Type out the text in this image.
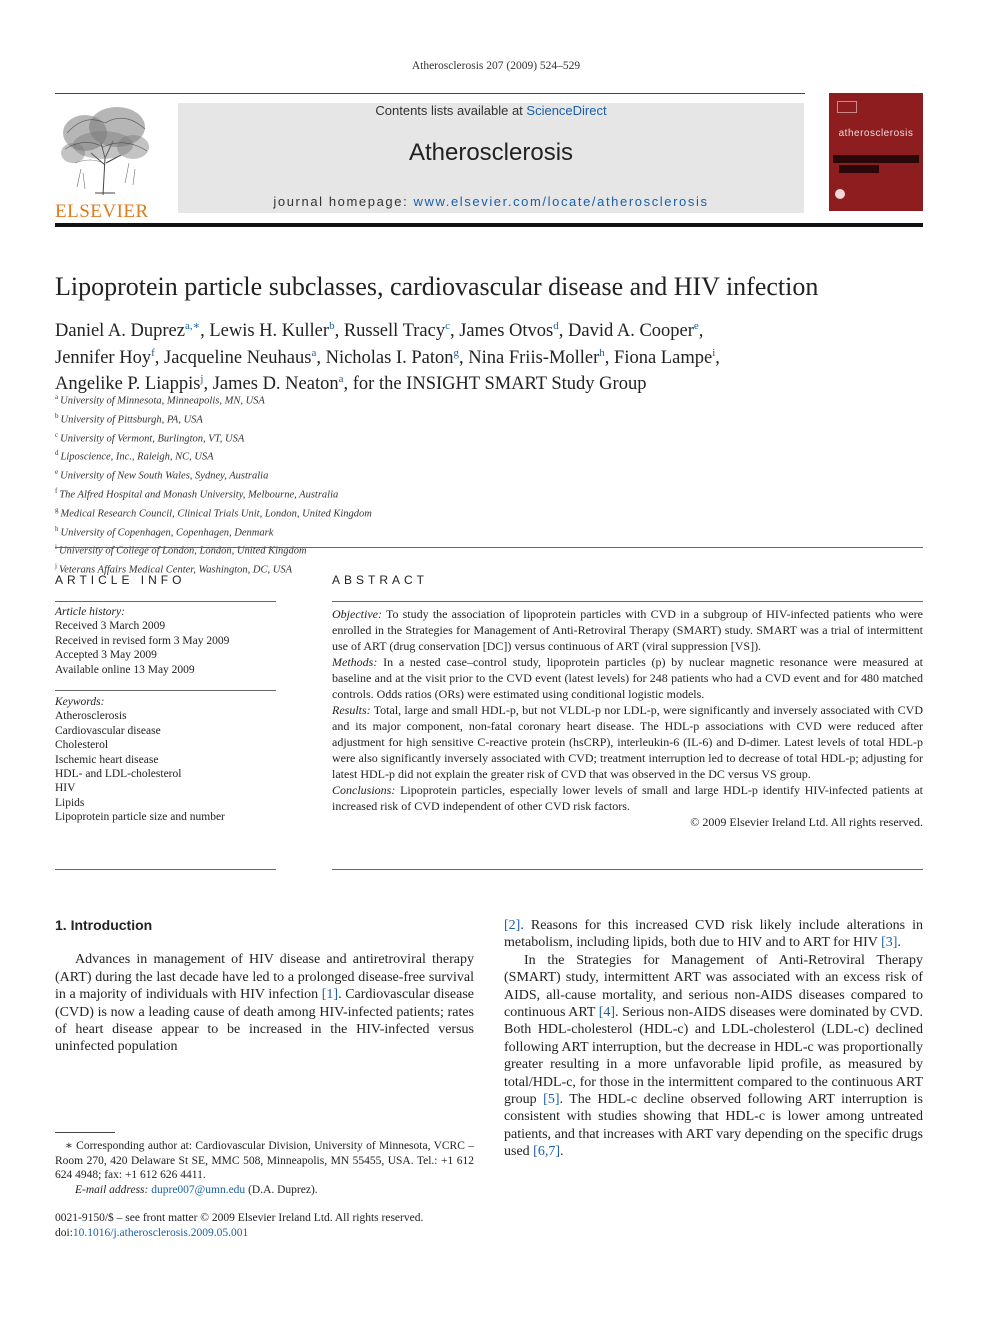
Atherosclerosis 207 (2009) 524–529
ELSEVIER
Contents lists available at ScienceDirect
Atherosclerosis
journal homepage: www.elsevier.com/locate/atherosclerosis
atherosclerosis
Lipoprotein particle subclasses, cardiovascular disease and HIV infection
Daniel A. Duprez$^{a,∗}$, Lewis H. Kuller$^b$, Russell Tracy$^c$, James Otvos$^d$, David A. Cooper$^e$,
Jennifer Hoy$^f$, Jacqueline Neuhaus$^a$, Nicholas I. Paton$^g$, Nina Friis-Moller$^h$, Fiona Lampe$^i$,
Angelike P. Liappis$^j$, James D. Neaton$^a$, for the INSIGHT SMART Study Group
$^a$ University of Minnesota, Minneapolis, MN, USA
$^b$ University of Pittsburgh, PA, USA
$^c$ University of Vermont, Burlington, VT, USA
$^d$ Liposcience, Inc., Raleigh, NC, USA
$^e$ University of New South Wales, Sydney, Australia
$^f$ The Alfred Hospital and Monash University, Melbourne, Australia
$^g$ Medical Research Council, Clinical Trials Unit, London, United Kingdom
$^h$ University of Copenhagen, Copenhagen, Denmark
$^i$ University of College of London, London, United Kingdom
$^j$ Veterans Affairs Medical Center, Washington, DC, USA
ARTICLE INFO
Article history:
Received 3 March 2009
Received in revised form 3 May 2009
Accepted 3 May 2009
Available online 13 May 2009
Keywords:
Atherosclerosis
Cardiovascular disease
Cholesterol
Ischemic heart disease
HDL- and LDL-cholesterol
HIV
Lipids
Lipoprotein particle size and number
ABSTRACT

Objective: To study the association of lipoprotein particles with CVD in a subgroup of HIV-infected patients who were enrolled in the Strategies for Management of Anti-Retroviral Therapy (SMART) study. SMART was a trial of intermittent use of ART (drug conservation [DC]) versus continuous of ART (viral suppression [VS]).

Methods: In a nested case–control study, lipoprotein particles (p) by nuclear magnetic resonance were measured at baseline and at the visit prior to the CVD event (latest levels) for 248 patients who had a CVD event and for 480 matched controls. Odds ratios (ORs) were estimated using conditional logistic models.

Results: Total, large and small HDL-p, but not VLDL-p nor LDL-p, were significantly and inversely associated with CVD and its major component, non-fatal coronary heart disease. The HDL-p associations with CVD were reduced after adjustment for high sensitive C-reactive protein (hsCRP), interleukin-6 (IL-6) and D-dimer. Latest levels of total HDL-p were also significantly inversely associated with CVD; treatment interruption led to decrease of total HDL-p; adjusting for latest HDL-p did not explain the greater risk of CVD that was observed in the DC versus VS group.

Conclusions: Lipoprotein particles, especially lower levels of small and large HDL-p identify HIV-infected patients at increased risk of CVD independent of other CVD risk factors.

© 2009 Elsevier Ireland Ltd. All rights reserved.

1. Introduction

Advances in management of HIV disease and antiretroviral therapy (ART) during the last decade have led to a prolonged disease-free survival in a majority of individuals with HIV infection [1]. Cardiovascular disease (CVD) is now a leading cause of death among HIV-infected patients; rates of heart disease appear to be increased in the HIV-infected versus uninfected population

[2]. Reasons for this increased CVD risk likely include alterations in metabolism, including lipids, both due to HIV and to ART for HIV [3].

In the Strategies for Management of Anti-Retroviral Therapy (SMART) study, intermittent ART was associated with an excess risk of AIDS, all-cause mortality, and serious non-AIDS diseases compared to continuous ART [4]. Serious non-AIDS diseases were dominated by CVD. Both HDL-cholesterol (HDL-c) and LDL-cholesterol (LDL-c) declined following ART interruption, but the decrease in HDL-c was proportionally greater resulting in a more unfavorable lipid profile, as measured by total/HDL-c, for those in the intermittent compared to the continuous ART group [5]. The HDL-c decline observed following ART interruption is consistent with studies showing that HDL-c is lower among untreated patients, and that increases with ART vary depending on the specific drugs used [6,7].

∗ Corresponding author at: Cardiovascular Division, University of Minnesota, VCRC – Room 270, 420 Delaware St SE, MMC 508, Minneapolis, MN 55455, USA. Tel.: +1 612 624 4948; fax: +1 612 626 4411.
E-mail address: dupre007@umn.edu (D.A. Duprez).
0021-9150/$ – see front matter © 2009 Elsevier Ireland Ltd. All rights reserved.
doi:10.1016/j.atherosclerosis.2009.05.001
